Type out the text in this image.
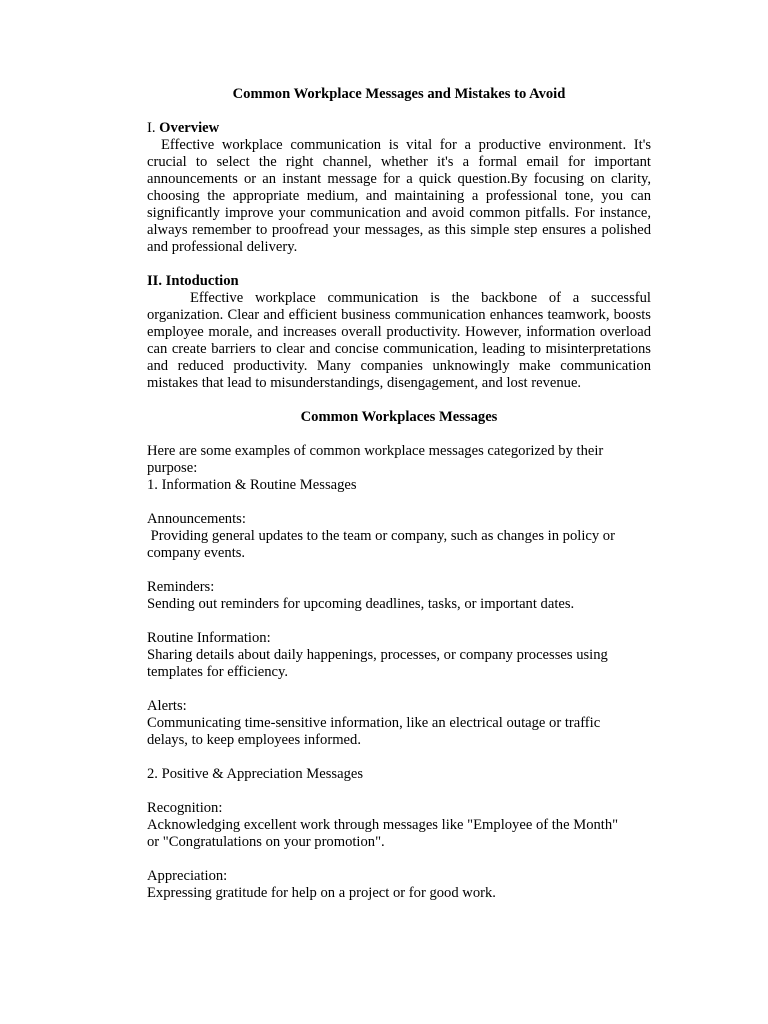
Common Workplace Messages and Mistakes to Avoid

I. Overview

Effective workplace communication is vital for a productive environment. It's crucial to select the right channel, whether it's a formal email for important announcements or an instant message for a quick question.By focusing on clarity, choosing the appropriate medium, and maintaining a professional tone, you can significantly improve your communication and avoid common pitfalls. For instance, always remember to proofread your messages, as this simple step ensures a polished and professional delivery.

II. Intoduction

Effective workplace communication is the backbone of a successful organization. Clear and efficient business communication enhances teamwork, boosts employee morale, and increases overall productivity. However, information overload can create barriers to clear and concise communication, leading to misinterpretations and reduced productivity. Many companies unknowingly make communication mistakes that lead to misunderstandings, disengagement, and lost revenue.

Common Workplaces Messages

Here are some examples of common workplace messages categorized by their

purpose:

1. Information & Routine Messages

Announcements:

Providing general updates to the team or company, such as changes in policy or

company events.

Reminders:

Sending out reminders for upcoming deadlines, tasks, or important dates.

Routine Information:

Sharing details about daily happenings, processes, or company processes using

templates for efficiency.

Alerts:

Communicating time-sensitive information, like an electrical outage or traffic

delays, to keep employees informed.

2. Positive & Appreciation Messages

Recognition:

Acknowledging excellent work through messages like "Employee of the Month"

or "Congratulations on your promotion".

Appreciation:

Expressing gratitude for help on a project or for good work.
